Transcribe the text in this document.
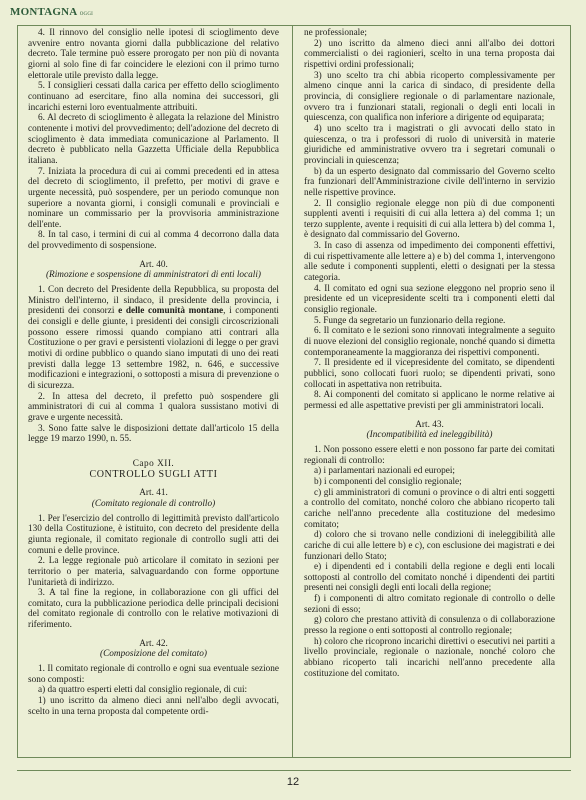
MONTAGNA OGGI

4. Il rinnovo del consiglio nelle ipotesi di scioglimento deve avvenire entro novanta giorni dalla pubblicazione del relativo decreto. Tale termine può essere prorogato per non più di novanta giorni al solo fine di far coincidere le elezioni con il primo turno elettorale utile previsto dalla legge.

5. I consiglieri cessati dalla carica per effetto dello scioglimento continuano ad esercitare, fino alla nomina dei successori, gli incarichi esterni loro eventualmente attribuiti.

6. Al decreto di scioglimento è allegata la relazione del Ministro contenente i motivi del provvedimento; dell'adozione del decreto di scioglimento è data immediata comunicazione al Parlamento. Il decreto è pubblicato nella Gazzetta Ufficiale della Repubblica italiana.

7. Iniziata la procedura di cui ai commi precedenti ed in attesa del decreto di scioglimento, il prefetto, per motivi di grave e urgente necessità, può sospendere, per un periodo comunque non superiore a novanta giorni, i consigli comunali e provinciali e nominare un commissario per la provvisoria amministrazione dell'ente.

8. In tal caso, i termini di cui al comma 4 decorrono dalla data del provvedimento di sospensione.

Art. 40.

(Rimozione e sospensione di amministratori di enti locali)

1. Con decreto del Presidente della Repubblica, su proposta del Ministro dell'interno, il sindaco, il presidente della provincia, i presidenti dei consorzi e delle comunità montane, i componenti dei consigli e delle giunte, i presidenti dei consigli circoscrizionali possono essere rimossi quando compiano atti contrari alla Costituzione o per gravi e persistenti violazioni di legge o per gravi motivi di ordine pubblico o quando siano imputati di uno dei reati previsti dalla legge 13 settembre 1982, n. 646, e successive modificazioni e integrazioni, o sottoposti a misura di prevenzione o di sicurezza.

2. In attesa del decreto, il prefetto può sospendere gli amministratori di cui al comma 1 qualora sussistano motivi di grave e urgente necessità.

3. Sono fatte salve le disposizioni dettate dall'articolo 15 della legge 19 marzo 1990, n. 55.

Capo XII.

CONTROLLO SUGLI ATTI

Art. 41.

(Comitato regionale di controllo)

1. Per l'esercizio del controllo di legittimità previsto dall'articolo 130 della Costituzione, è istituito, con decreto del presidente della giunta regionale, il comitato regionale di controllo sugli atti dei comuni e delle province.

2. La legge regionale può articolare il comitato in sezioni per territorio o per materia, salvaguardando con forme opportune l'unitarietà di indirizzo.

3. A tal fine la regione, in collaborazione con gli uffici del comitato, cura la pubblicazione periodica delle principali decisioni del comitato regionale di controllo con le relative motivazioni di riferimento.

Art. 42.

(Composizione del comitato)

1. Il comitato regionale di controllo e ogni sua eventuale sezione sono composti:

a) da quattro esperti eletti dal consiglio regionale, di cui:

1) uno iscritto da almeno dieci anni nell'albo degli avvocati, scelto in una terna proposta dal competente ordi-

ne professionale;

2) uno iscritto da almeno dieci anni all'albo dei dottori commercialisti o dei ragionieri, scelto in una terna proposta dai rispettivi ordini professionali;

3) uno scelto tra chi abbia ricoperto complessivamente per almeno cinque anni la carica di sindaco, di presidente della provincia, di consigliere regionale o di parlamentare nazionale, ovvero tra i funzionari statali, regionali o degli enti locali in quiescenza, con qualifica non inferiore a dirigente od equiparata;

4) uno scelto tra i magistrati o gli avvocati dello stato in quiescenza, o tra i professori di ruolo di università in materie giuridiche ed amministrative ovvero tra i segretari comunali o provinciali in quiescenza;

b) da un esperto designato dal commissario del Governo scelto fra funzionari dell'Amministrazione civile dell'interno in servizio nelle rispettive province.

2. Il consiglio regionale elegge non più di due componenti supplenti aventi i requisiti di cui alla lettera a) del comma 1; un terzo supplente, avente i requisiti di cui alla lettera b) del comma 1, è designato dal commissario del Governo.

3. In caso di assenza od impedimento dei componenti effettivi, di cui rispettivamente alle lettere a) e b) del comma 1, intervengono alle sedute i componenti supplenti, eletti o designati per la stessa categoria.

4. Il comitato ed ogni sua sezione eleggono nel proprio seno il presidente ed un vicepresidente scelti tra i componenti eletti dal consiglio regionale.

5. Funge da segretario un funzionario della regione.

6. Il comitato e le sezioni sono rinnovati integralmente a seguito di nuove elezioni del consiglio regionale, nonché quando si dimetta contemporaneamente la maggioranza dei rispettivi componenti.

7. Il presidente ed il vicepresidente del comitato, se dipendenti pubblici, sono collocati fuori ruolo; se dipendenti privati, sono collocati in aspettativa non retribuita.

8. Ai componenti del comitato si applicano le norme relative ai permessi ed alle aspettative previsti per gli amministratori locali.

Art. 43.

(Incompatibilità ed ineleggibilità)

1. Non possono essere eletti e non possono far parte dei comitati regionali di controllo:

a) i parlamentari nazionali ed europei;

b) i componenti del consiglio regionale;

c) gli amministratori di comuni o province o di altri enti soggetti a controllo del comitato, nonché coloro che abbiano ricoperto tali cariche nell'anno precedente alla costituzione del medesimo comitato;

d) coloro che si trovano nelle condizioni di ineleggibilità alle cariche di cui alle lettere b) e c), con esclusione dei magistrati e dei funzionari dello Stato;

e) i dipendenti ed i contabili della regione e degli enti locali sottoposti al controllo del comitato nonché i dipendenti dei partiti presenti nei consigli degli enti locali della regione;

f) i componenti di altro comitato regionale di controllo o delle sezioni di esso;

g) coloro che prestano attività di consulenza o di collaborazione presso la regione o enti sottoposti al controllo regionale;

h) coloro che ricoprono incarichi direttivi o esecutivi nei partiti a livello provinciale, regionale o nazionale, nonché coloro che abbiano ricoperto tali incarichi nell'anno precedente alla costituzione del comitato.

12
